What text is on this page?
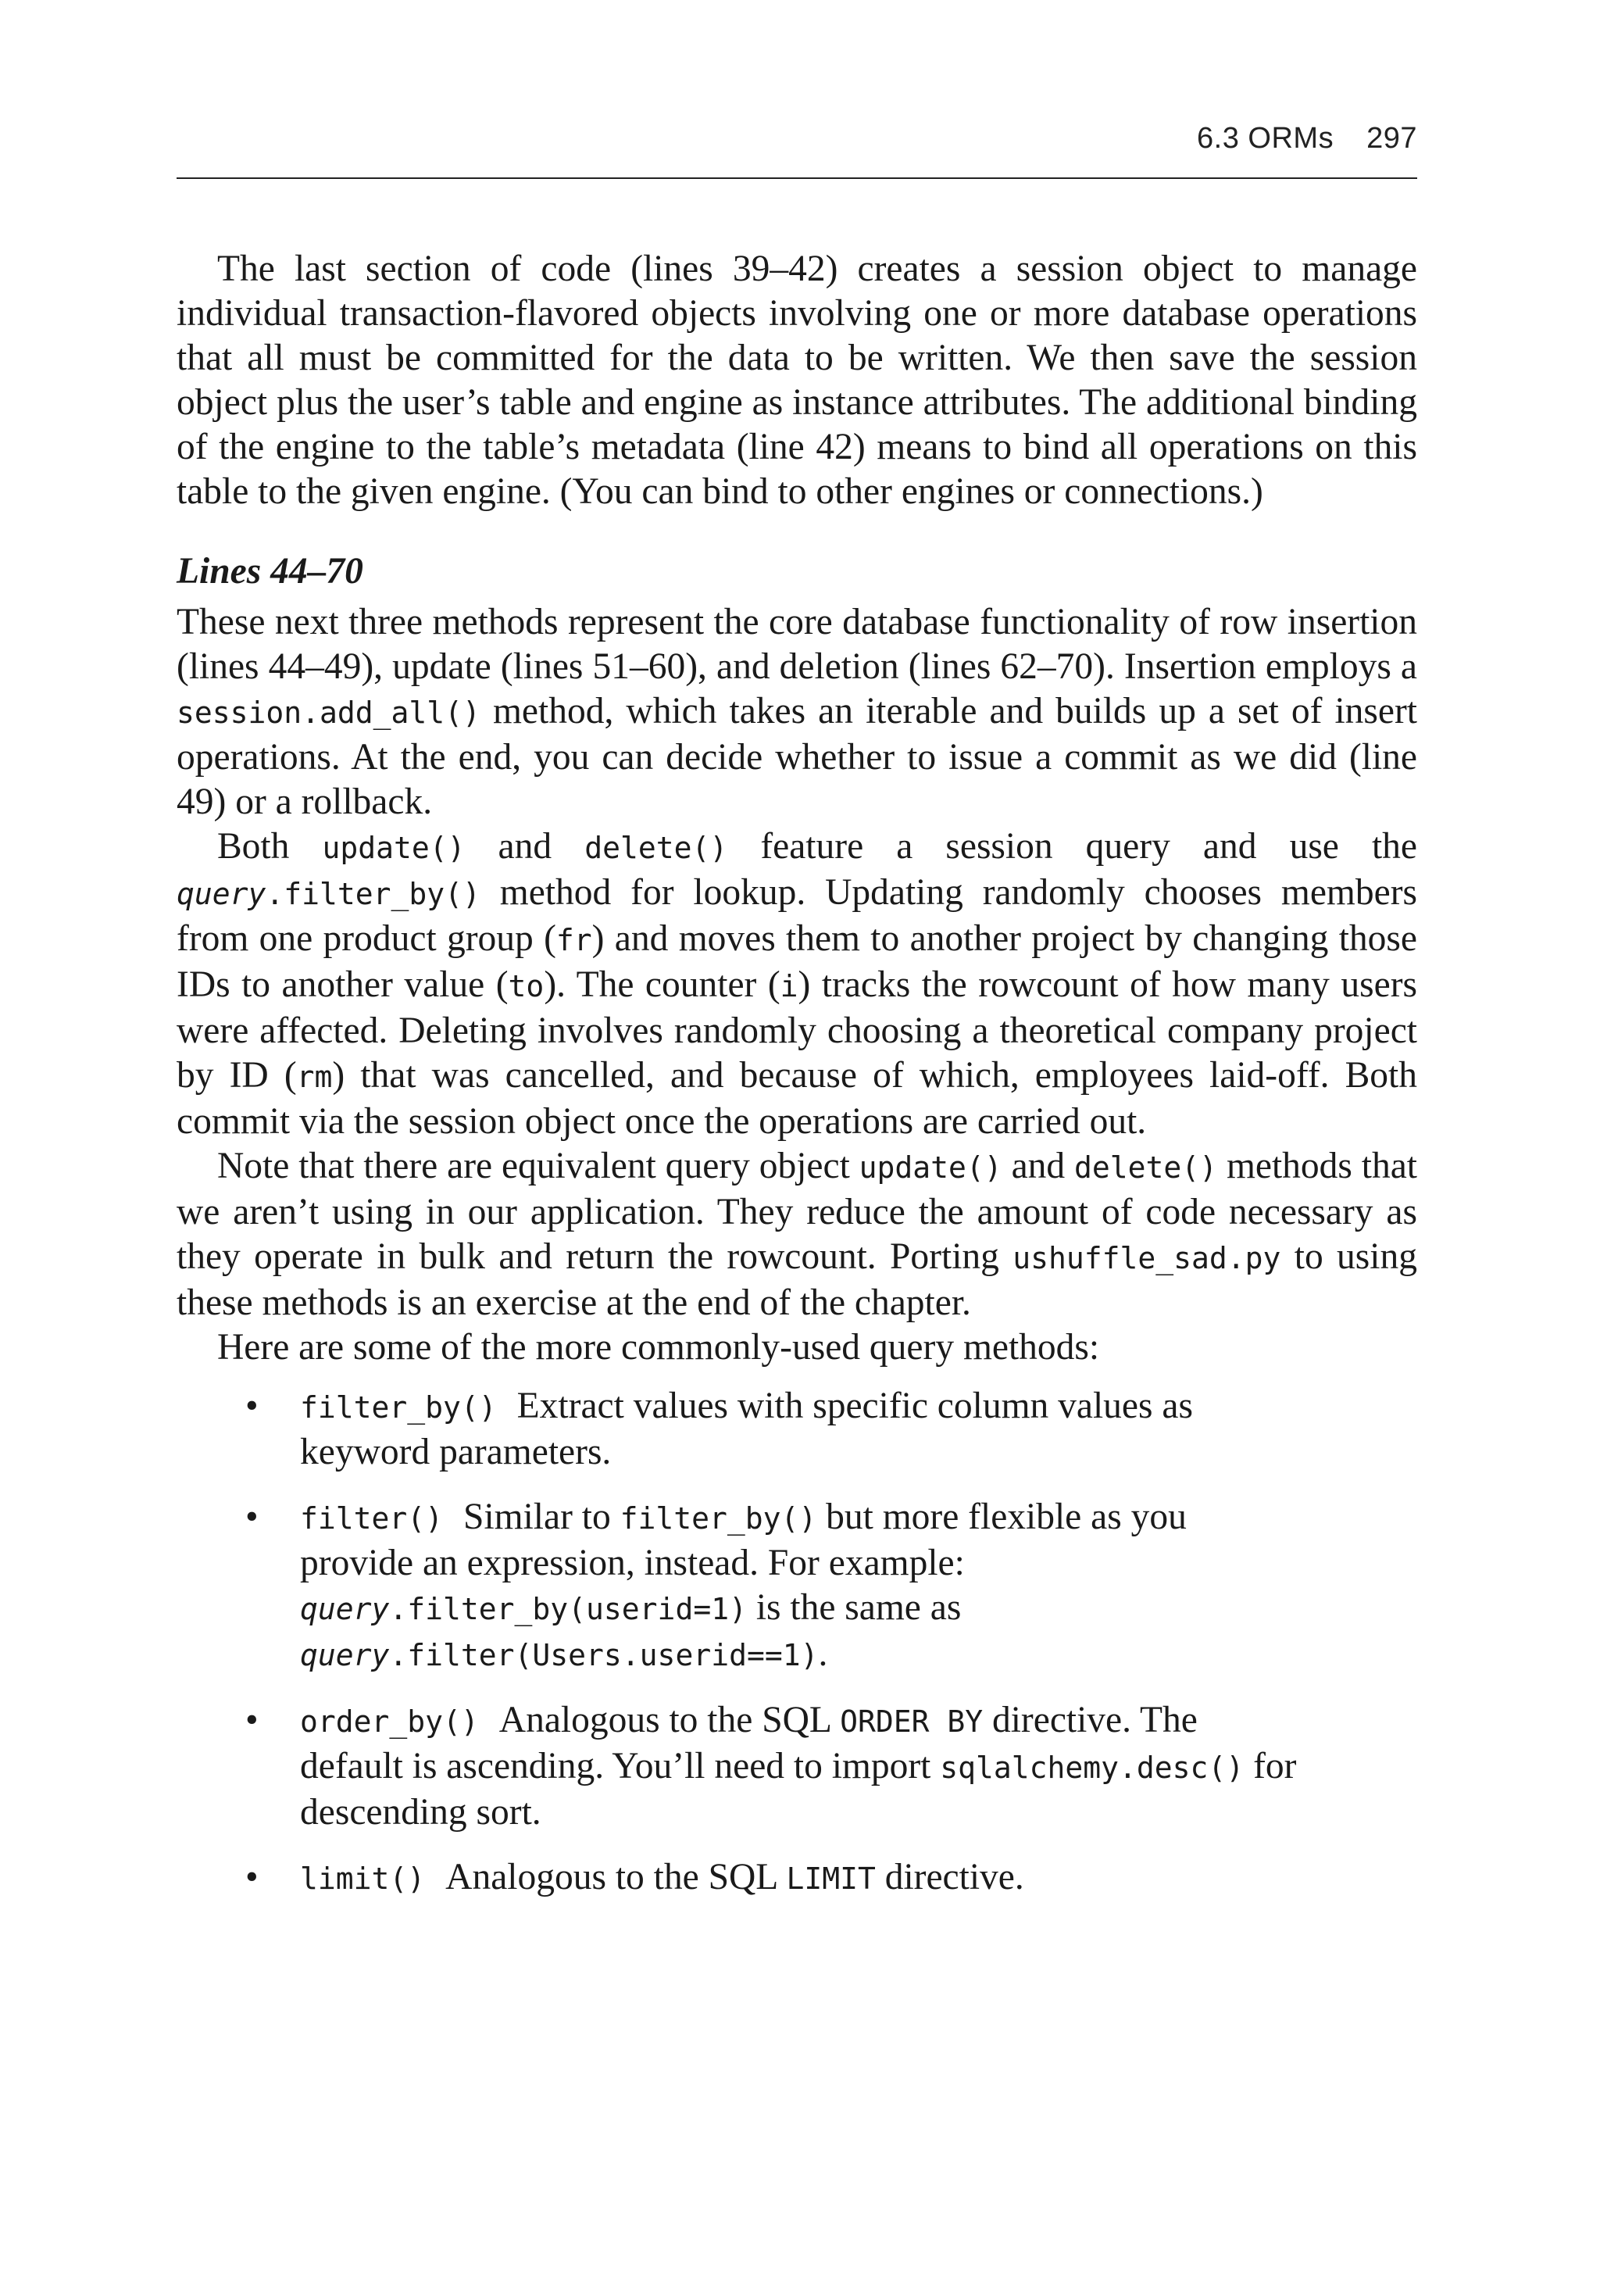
6.3 ORMs 297

The last section of code (lines 39–42) creates a session object to manage individual transaction-flavored objects involving one or more database operations that all must be committed for the data to be written. We then save the session object plus the user’s table and engine as instance attributes. The additional binding of the engine to the table’s metadata (line 42) means to bind all operations on this table to the given engine. (You can bind to other engines or connections.)

Lines 44–70

These next three methods represent the core database functionality of row insertion (lines 44–49), update (lines 51–60), and deletion (lines 62–70). Insertion employs a session.add_all() method, which takes an iterable and builds up a set of insert operations. At the end, you can decide whether to issue a commit as we did (line 49) or a rollback.

Both update() and delete() feature a session query and use the query.filter_by() method for lookup. Updating randomly chooses members from one product group (fr) and moves them to another project by changing those IDs to another value (to). The counter (i) tracks the rowcount of how many users were affected. Deleting involves randomly choosing a theoretical company project by ID (rm) that was cancelled, and because of which, employees laid-off. Both commit via the session object once the operations are carried out.

Note that there are equivalent query object update() and delete() methods that we aren’t using in our application. They reduce the amount of code necessary as they operate in bulk and return the rowcount. Porting ushuffle_sad.py to using these methods is an exercise at the end of the chapter.

Here are some of the more commonly-used query methods:

• filter_by() Extract values with specific column values as keyword parameters.
• filter() Similar to filter_by() but more flexible as you provide an expression, instead. For example: query.filter_by(userid=1) is the same as query.filter(Users.userid==1).
• order_by() Analogous to the SQL ORDER BY directive. The default is ascending. You’ll need to import sqlalchemy.desc() for descending sort.
• limit() Analogous to the SQL LIMIT directive.
